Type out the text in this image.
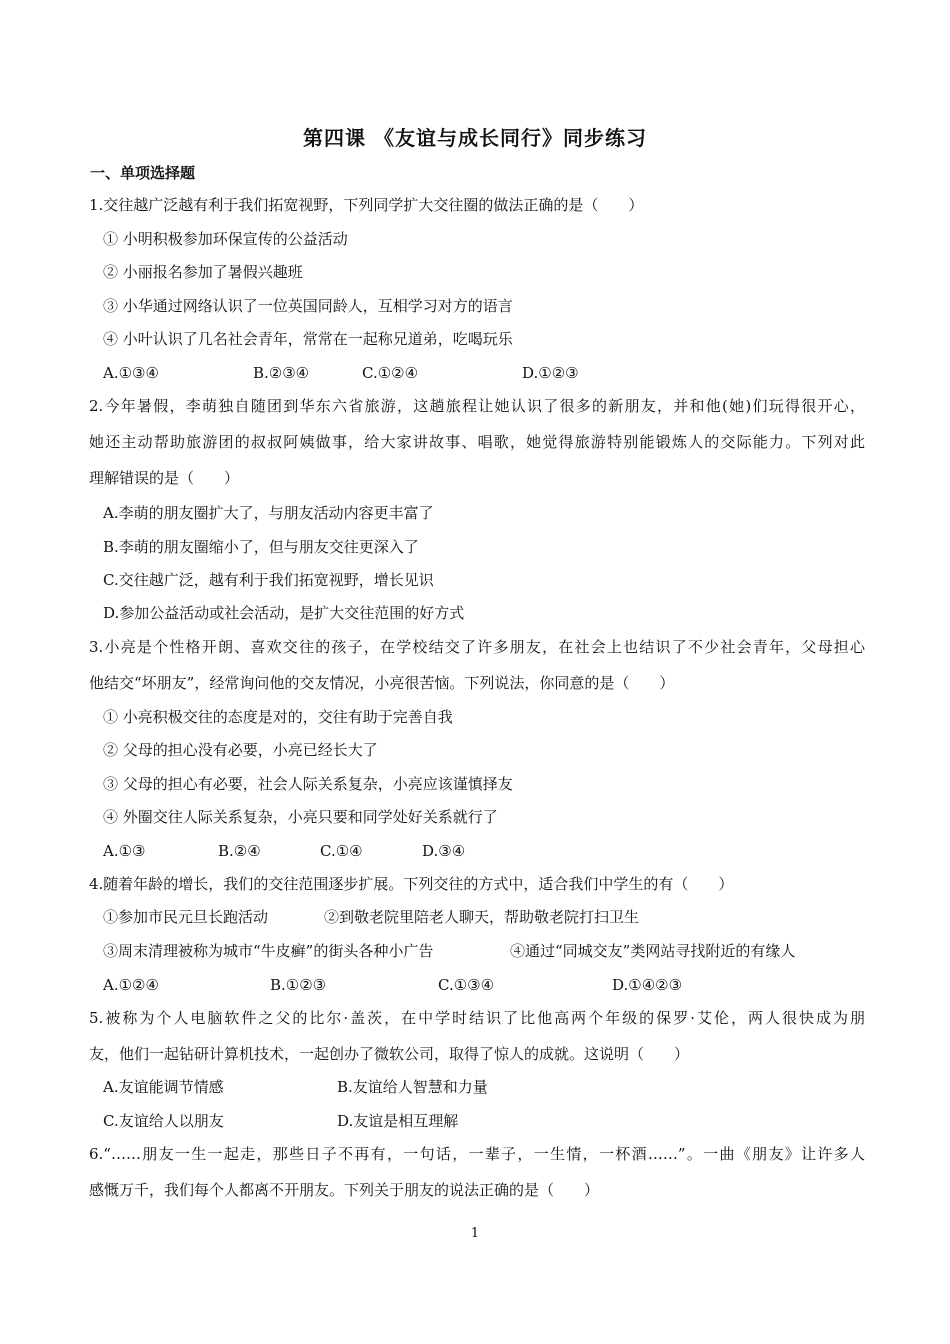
第四课 《友谊与成长同行》同步练习
一、单项选择题
1.交往越广泛越有利于我们拓宽视野，下列同学扩大交往圈的做法正确的是（　　）
① 小明积极参加环保宣传的公益活动
② 小丽报名参加了暑假兴趣班
③ 小华通过网络认识了一位英国同龄人，互相学习对方的语言
④ 小叶认识了几名社会青年，常常在一起称兄道弟，吃喝玩乐
A.①③④	B.②③④	C.①②④	D.①②③
2.今年暑假，李萌独自随团到华东六省旅游，这趟旅程让她认识了很多的新朋友，并和他(她)们玩得很开心，
她还主动帮助旅游团的叔叔阿姨做事，给大家讲故事、唱歌，她觉得旅游特别能锻炼人的交际能力。下列对此
理解错误的是（　　）
A.李萌的朋友圈扩大了，与朋友活动内容更丰富了
B.李萌的朋友圈缩小了，但与朋友交往更深入了
C.交往越广泛，越有利于我们拓宽视野，增长见识
D.参加公益活动或社会活动，是扩大交往范围的好方式
3.小亮是个性格开朗、喜欢交往的孩子，在学校结交了许多朋友，在社会上也结识了不少社会青年，父母担心
他结交“坏朋友”，经常询问他的交友情况，小亮很苦恼。下列说法，你同意的是（　　）
① 小亮积极交往的态度是对的，交往有助于完善自我
② 父母的担心没有必要，小亮已经长大了
③ 父母的担心有必要，社会人际关系复杂，小亮应该谨慎择友
④ 外圈交往人际关系复杂，小亮只要和同学处好关系就行了
A.①③	B.②④	C.①④	D.③④
4.随着年龄的增长，我们的交往范围逐步扩展。下列交往的方式中，适合我们中学生的有（　　）
①参加市民元旦长跑活动	②到敬老院里陪老人聊天，帮助敬老院打扫卫生
③周末清理被称为城市“牛皮癣”的街头各种小广告	④通过“同城交友”类网站寻找附近的有缘人
A.①②④	B.①②③	C.①③④	D.①④②③
5.被称为个人电脑软件之父的比尔·盖茨，在中学时结识了比他高两个年级的保罗·艾伦，两人很快成为朋
友，他们一起钻研计算机技术，一起创办了微软公司，取得了惊人的成就。这说明（　　）
A.友谊能调节情感	B.友谊给人智慧和力量
C.友谊给人以朋友	D.友谊是相互理解
6.“……朋友一生一起走，那些日子不再有，一句话，一辈子，一生情，一杯酒……”。一曲《朋友》让许多人
感慨万千，我们每个人都离不开朋友。下列关于朋友的说法正确的是（　　）
1
